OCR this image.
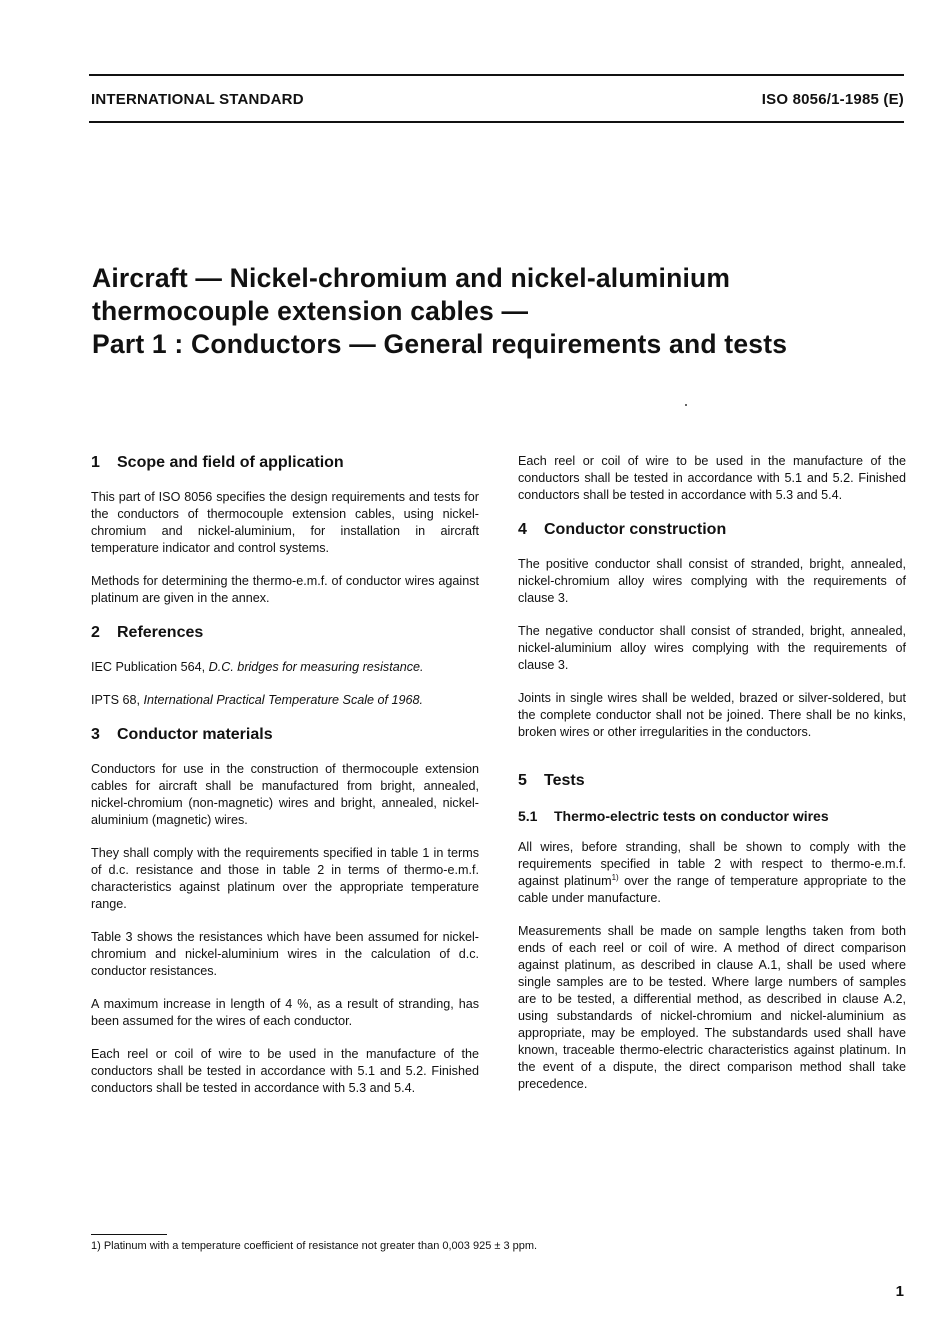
INTERNATIONAL STANDARD	ISO 8056/1-1985 (E)
Aircraft — Nickel-chromium and nickel-aluminium
thermocouple extension cables —
Part 1 : Conductors — General requirements and tests
1 Scope and field of application

This part of ISO 8056 specifies the design requirements and tests for the conductors of thermocouple extension cables, using nickel-chromium and nickel-aluminium, for installation in aircraft temperature indicator and control systems.

Methods for determining the thermo-e.m.f. of conductor wires against platinum are given in the annex.

2 References

IEC Publication 564, D.C. bridges for measuring resistance.

IPTS 68, International Practical Temperature Scale of 1968.

3 Conductor materials

Conductors for use in the construction of thermocouple extension cables for aircraft shall be manufactured from bright, annealed, nickel-chromium (non-magnetic) wires and bright, annealed, nickel-aluminium (magnetic) wires.

They shall comply with the requirements specified in table 1 in terms of d.c. resistance and those in table 2 in terms of thermo-e.m.f. characteristics against platinum over the appropriate temperature range.

Table 3 shows the resistances which have been assumed for nickel-chromium and nickel-aluminium wires in the calculation of d.c. conductor resistances.

A maximum increase in length of 4 %, as a result of stranding, has been assumed for the wires of each conductor.

Each reel or coil of wire to be used in the manufacture of the conductors shall be tested in accordance with 5.1 and 5.2. Finished conductors shall be tested in accordance with 5.3 and 5.4.

Each reel or coil of wire to be used in the manufacture of the conductors shall be tested in accordance with 5.1 and 5.2. Finished conductors shall be tested in accordance with 5.3 and 5.4.

4 Conductor construction

The positive conductor shall consist of stranded, bright, annealed, nickel-chromium alloy wires complying with the requirements of clause 3.

The negative conductor shall consist of stranded, bright, annealed, nickel-aluminium alloy wires complying with the requirements of clause 3.

Joints in single wires shall be welded, brazed or silver-soldered, but the complete conductor shall not be joined. There shall be no kinks, broken wires or other irregularities in the conductors.

5 Tests
5.1 Thermo-electric tests on conductor wires

All wires, before stranding, shall be shown to comply with the requirements specified in table 2 with respect to thermo-e.m.f. against platinum$^{1)}$ over the range of temperature appropriate to the cable under manufacture.

Measurements shall be made on sample lengths taken from both ends of each reel or coil of wire. A method of direct comparison against platinum, as described in clause A.1, shall be used where single samples are to be tested. Where large numbers of samples are to be tested, a differential method, as described in clause A.2, using substandards of nickel-chromium and nickel-aluminium as appropriate, may be employed. The substandards used shall have known, traceable thermo-electric characteristics against platinum. In the event of a dispute, the direct comparison method shall take precedence.

1) Platinum with a temperature coefficient of resistance not greater than 0,003 925 ± 3 ppm.
1
